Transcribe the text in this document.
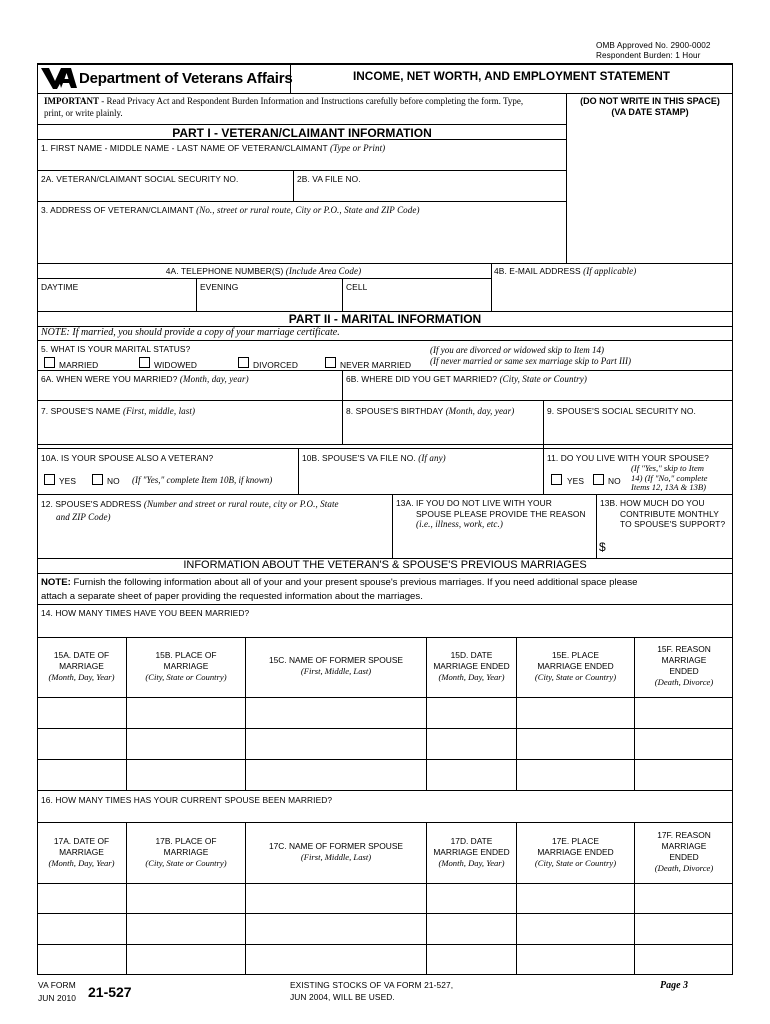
OMB Approved No. 2900-0002
Respondent Burden: 1 Hour
Department of Veterans Affairs	INCOME, NET WORTH, AND EMPLOYMENT STATEMENT
IMPORTANT - Read Privacy Act and Respondent Burden Information and Instructions carefully before completing the form. Type, print, or write plainly.
(DO NOT WRITE IN THIS SPACE)
(VA DATE STAMP)
PART I - VETERAN/CLAIMANT INFORMATION
1. FIRST NAME - MIDDLE NAME - LAST NAME OF VETERAN/CLAIMANT (Type or Print)
2A. VETERAN/CLAIMANT SOCIAL SECURITY NO.	2B. VA FILE NO.
3. ADDRESS OF VETERAN/CLAIMANT (No., street or rural route, City or P.O., State and ZIP Code)
4A. TELEPHONE NUMBER(S) (Include Area Code)	4B. E-MAIL ADDRESS (If applicable)
DAYTIME	EVENING	CELL
PART II - MARITAL INFORMATION
NOTE: If married, you should provide a copy of your marriage certificate.
5. WHAT IS YOUR MARITAL STATUS?
MARRIED	WIDOWED	DIVORCED	NEVER MARRIED
(If you are divorced or widowed skip to Item 14)
(If never married or same sex marriage skip to Part III)
6A. WHEN WERE YOU MARRIED? (Month, day, year)	6B. WHERE DID YOU GET MARRIED? (City, State or Country)
7. SPOUSE'S NAME (First, middle, last)	8. SPOUSE'S BIRTHDAY (Month, day, year)	9. SPOUSE'S SOCIAL SECURITY NO.
10A. IS YOUR SPOUSE ALSO A VETERAN?
YES	NO (If "Yes," complete Item 10B, if known)
10B. SPOUSE'S VA FILE NO. (If any)	11. DO YOU LIVE WITH YOUR SPOUSE?
YES	NO
(If "Yes," skip to Item
14) (If "No," complete
Items 12, 13A & 13B)
12. SPOUSE'S ADDRESS (Number and street or rural route, city or P.O., State
and ZIP Code)
13A. IF YOU DO NOT LIVE WITH YOUR
SPOUSE PLEASE PROVIDE THE REASON
(i.e., illness, work, etc.)
13B. HOW MUCH DO YOU
CONTRIBUTE MONTHLY
TO SPOUSE'S SUPPORT?
$
INFORMATION ABOUT THE VETERAN'S & SPOUSE'S PREVIOUS MARRIAGES
NOTE: Furnish the following information about all of your and your present spouse's previous marriages. If you need additional space please
attach a separate sheet of paper providing the requested information about the marriages.
14. HOW MANY TIMES HAVE YOU BEEN MARRIED?
15A. DATE OF
MARRIAGE
(Month, Day, Year)
15B. PLACE OF
MARRIAGE
(City, State or Country)
15C. NAME OF FORMER SPOUSE
(First, Middle, Last)
15D. DATE
MARRIAGE ENDED
(Month, Day, Year)
15E. PLACE
MARRIAGE ENDED
(City, State or Country)
15F. REASON
MARRIAGE
ENDED
(Death, Divorce)
16. HOW MANY TIMES HAS YOUR CURRENT SPOUSE BEEN MARRIED?
17A. DATE OF
MARRIAGE
(Month, Day, Year)
17B. PLACE OF
MARRIAGE
(City, State or Country)
17C. NAME OF FORMER SPOUSE
(First, Middle, Last)
17D. DATE
MARRIAGE ENDED
(Month, Day, Year)
17E. PLACE
MARRIAGE ENDED
(City, State or Country)
17F. REASON
MARRIAGE
ENDED
(Death, Divorce)
VA FORM
JUN 2010 21-527	EXISTING STOCKS OF VA FORM 21-527,
JUN 2004, WILL BE USED.
Page 3
